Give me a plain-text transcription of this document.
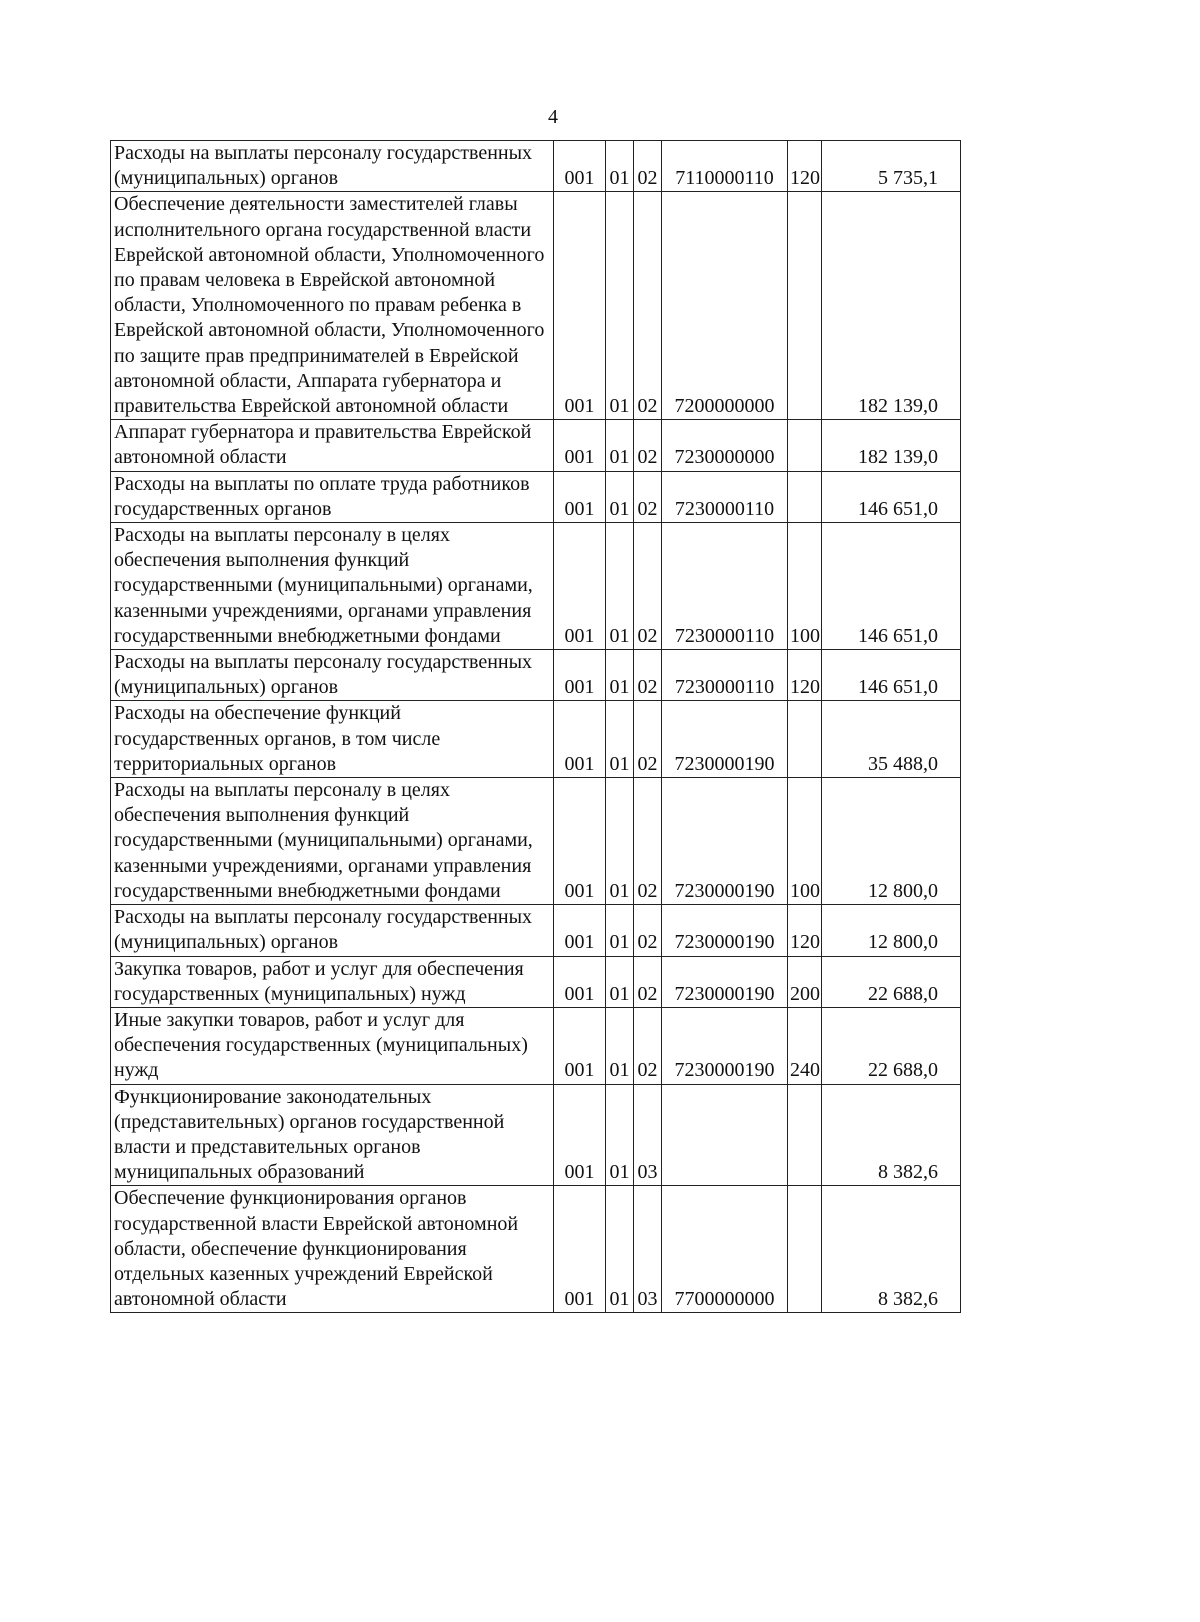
4
Расходы на выплаты персоналу государственных (муниципальных) органов	001	01	02	7110000110	120	5 735,1
Обеспечение деятельности заместителей главы исполнительного органа государственной власти Еврейской автономной области, Уполномоченного по правам человека в Еврейской автономной области, Уполномоченного по правам ребенка в Еврейской автономной области, Уполномоченного по защите прав предпринимателей в Еврейской автономной области, Аппарата губернатора и правительства Еврейской автономной области	001	01	02	7200000000		182 139,0
Аппарат губернатора и правительства Еврейской автономной области	001	01	02	7230000000		182 139,0
Расходы на выплаты по оплате труда работников государственных органов	001	01	02	7230000110		146 651,0
Расходы на выплаты персоналу в целях обеспечения выполнения функций государственными (муниципальными) органами, казенными учреждениями, органами управления государственными внебюджетными фондами	001	01	02	7230000110	100	146 651,0
Расходы на выплаты персоналу государственных (муниципальных) органов	001	01	02	7230000110	120	146 651,0
Расходы на обеспечение функций государственных органов, в том числе территориальных органов	001	01	02	7230000190		35 488,0
Расходы на выплаты персоналу в целях обеспечения выполнения функций государственными (муниципальными) органами, казенными учреждениями, органами управления государственными внебюджетными фондами	001	01	02	7230000190	100	12 800,0
Расходы на выплаты персоналу государственных (муниципальных) органов	001	01	02	7230000190	120	12 800,0
Закупка товаров, работ и услуг для обеспечения государственных (муниципальных) нужд	001	01	02	7230000190	200	22 688,0
Иные закупки товаров, работ и услуг для обеспечения государственных (муниципальных) нужд	001	01	02	7230000190	240	22 688,0
Функционирование законодательных (представительных) органов государственной власти и представительных органов муниципальных образований	001	01	03			8 382,6
Обеспечение функционирования органов государственной власти Еврейской автономной области, обеспечение функционирования отдельных казенных учреждений Еврейской автономной области	001	01	03	7700000000		8 382,6
